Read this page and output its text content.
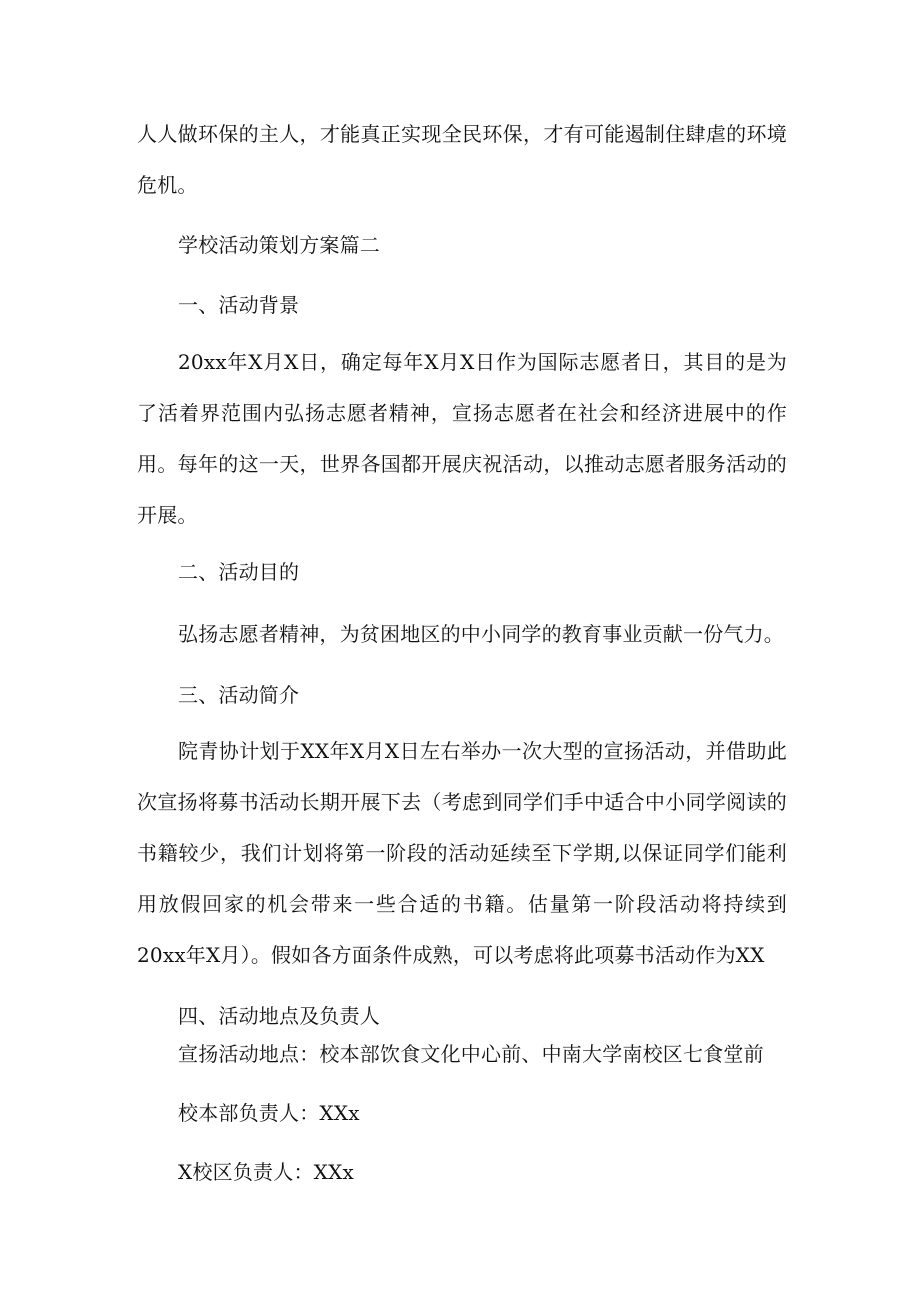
人人做环保的主人，才能真正实现全民环保，才有可能遏制住肆虐的环境危机。

学校活动策划方案篇二

一、活动背景

20xx年X月X日，确定每年X月X日作为国际志愿者日，其目的是为了活着界范围内弘扬志愿者精神，宣扬志愿者在社会和经济进展中的作用。每年的这一天，世界各国都开展庆祝活动，以推动志愿者服务活动的开展。

二、活动目的

弘扬志愿者精神，为贫困地区的中小同学的教育事业贡献一份气力。

三、活动简介

院青协计划于XX年X月X日左右举办一次大型的宣扬活动，并借助此次宣扬将募书活动长期开展下去（考虑到同学们手中适合中小同学阅读的书籍较少，我们计划将第一阶段的活动延续至下学期,以保证同学们能利用放假回家的机会带来一些合适的书籍。估量第一阶段活动将持续到20xx年X月）。假如各方面条件成熟，可以考虑将此项募书活动作为XX

四、活动地点及负责人

宣扬活动地点：校本部饮食文化中心前、中南大学南校区七食堂前

校本部负责人：XXx

X校区负责人：XXx
